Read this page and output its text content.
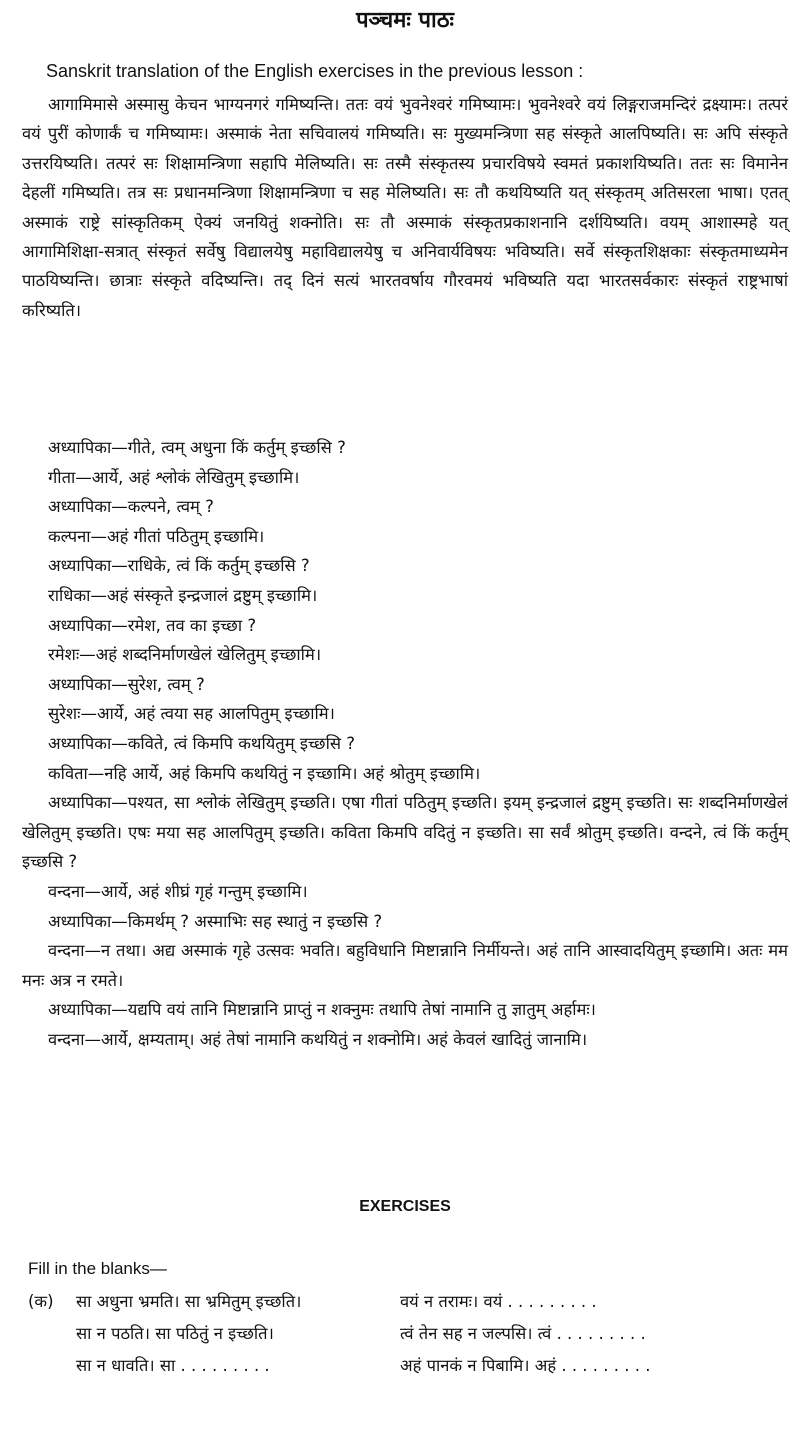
पञ्चमः पाठः
Sanskrit translation of the English exercises in the previous lesson :

आगामिमासे अस्मासु केचन भाग्यनगरं गमिष्यन्ति। ततः वयं भुवनेश्वरं गमिष्यामः। भुवनेश्वरे वयं लिङ्गराजमन्दिरं द्रक्ष्यामः। तत्परं वयं पुरीं कोणार्कं च गमिष्यामः। अस्माकं नेता सचिवालयं गमिष्यति। सः मुख्यमन्त्रिणा सह संस्कृते आलपिष्यति। सः अपि संस्कृते उत्तरयिष्यति। तत्परं सः शिक्षामन्त्रिणा सहापि मेलिष्यति। सः तस्मै संस्कृतस्य प्रचारविषये स्वमतं प्रकाशयिष्यति। ततः सः विमानेन देहलीं गमिष्यति। तत्र सः प्रधानमन्त्रिणा शिक्षामन्त्रिणा च सह मेलिष्यति। सः तौ कथयिष्यति यत् संस्कृतम् अतिसरला भाषा। एतत् अस्माकं राष्ट्रे सांस्कृतिकम् ऐक्यं जनयितुं शक्नोति। सः तौ अस्माकं संस्कृतप्रकाशनानि दर्शयिष्यति। वयम् आशास्महे यत् आगामिशिक्षा-सत्रात् संस्कृतं सर्वेषु विद्यालयेषु महाविद्यालयेषु च अनिवार्यविषयः भविष्यति। सर्वे संस्कृतशिक्षकाः संस्कृतमाध्यमेन पाठयिष्यन्ति। छात्राः संस्कृते वदिष्यन्ति। तद् दिनं सत्यं भारतवर्षाय गौरवमयं भविष्यति यदा भारतसर्वकारः संस्कृतं राष्ट्रभाषां करिष्यति।

अध्यापिका—गीते, त्वम् अधुना किं कर्तुम् इच्छसि ?
गीता—आर्ये, अहं श्लोकं लेखितुम् इच्छामि।
अध्यापिका—कल्पने, त्वम् ?
कल्पना—अहं गीतां पठितुम् इच्छामि।
अध्यापिका—राधिके, त्वं किं कर्तुम् इच्छसि ?
राधिका—अहं संस्कृते इन्द्रजालं द्रष्टुम् इच्छामि।
अध्यापिका—रमेश, तव का इच्छा ?
रमेशः—अहं शब्दनिर्माणखेलं खेलितुम् इच्छामि।
अध्यापिका—सुरेश, त्वम् ?
सुरेशः—आर्ये, अहं त्वया सह आलपितुम् इच्छामि।
अध्यापिका—कविते, त्वं किमपि कथयितुम् इच्छसि ?
कविता—नहि आर्ये, अहं किमपि कथयितुं न इच्छामि। अहं श्रोतुम् इच्छामि।
अध्यापिका—पश्यत, सा श्लोकं लेखितुम् इच्छति। एषा गीतां पठितुम् इच्छति। इयम् इन्द्रजालं द्रष्टुम् इच्छति। सः शब्दनिर्माणखेलं खेलितुम् इच्छति। एषः मया सह आलपितुम् इच्छति। कविता किमपि वदितुं न इच्छति। सा सर्वं श्रोतुम् इच्छति। वन्दने, त्वं किं कर्तुम् इच्छसि ?
वन्दना—आर्ये, अहं शीघ्रं गृहं गन्तुम् इच्छामि।
अध्यापिका—किमर्थम् ? अस्माभिः सह स्थातुं न इच्छसि ?
वन्दना—न तथा। अद्य अस्माकं गृहे उत्सवः भवति। बहुविधानि मिष्टान्नानि निर्मीयन्ते। अहं तानि आस्वादयितुम् इच्छामि। अतः मम मनः अत्र न रमते।
अध्यापिका—यद्यपि वयं तानि मिष्टान्नानि प्राप्तुं न शक्नुमः तथापि तेषां नामानि तु ज्ञातुम् अर्हामः।
वन्दना—आर्ये, क्षम्यताम्। अहं तेषां नामानि कथयितुं न शक्नोमि। अहं केवलं खादितुं जानामि।
EXERCISES
Fill in the blanks—
(क) सा अधुना भ्रमति। सा भ्रमितुम् इच्छति।	वयं न तरामः। वयं . . . . . . . . .
सा न पठति। सा पठितुं न इच्छति।	त्वं तेन सह न जल्पसि। त्वं . . . . . . . . .
सा न धावति। सा . . . . . . . . .	अहं पानकं न पिबामि। अहं . . . . . . . . .
